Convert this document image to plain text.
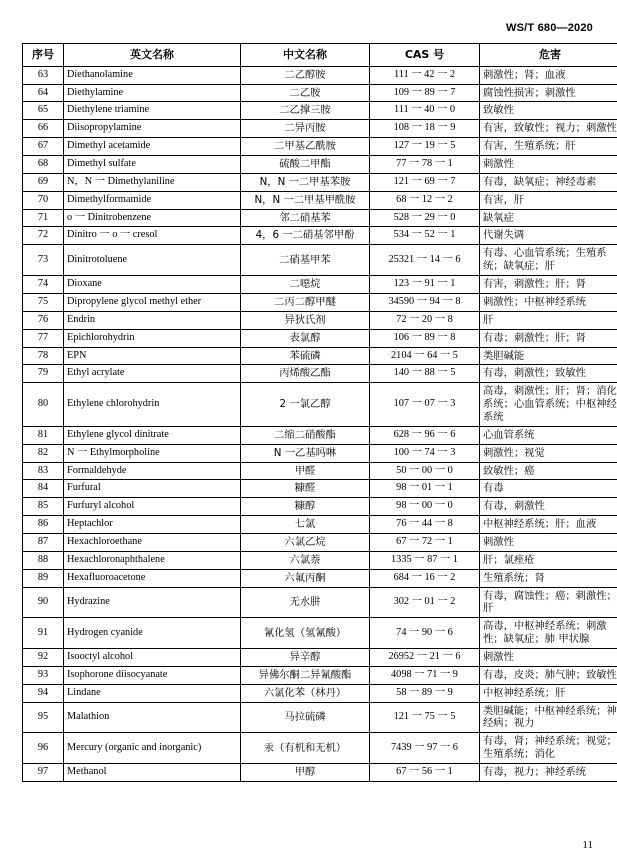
WS/T 680—2020
序号	英文名称	中文名称	CAS 号	危害
63	Diethanolamine	二乙醇胺	111 一 42 一 2	刺激性；肾；血液
64	Diethylamine	二乙胺	109 一 89 一 7	腐蚀性损害；刺激性
65	Diethylene triamine	二乙撑三胺	111 一 40 一 0	致敏性
66	Diisopropylamine	二异丙胺	108 一 18 一 9	有害，致敏性；视力；刺激性
67	Dimethyl acetamide	二甲基乙酰胺	127 一 19 一 5	有害，生殖系统；肝
68	Dimethyl sulfate	硫酸二甲酯	77 一 78 一 1	刺激性
69	N，N 一 Dimethylaniline	N，N 一二甲基苯胺	121 一 69 一 7	有毒，缺氧症；神经毒素
70	Dimethylformamide	N，N 一二甲基甲酰胺	68 一 12 一 2	有害，肝
71	o 一 Dinitrobenzene	邻二硝基苯	528 一 29 一 0	缺氧症
72	Dinitro 一 o 一 cresol	4，6 一二硝基邻甲酚	534 一 52 一 1	代谢失调
73	Dinitrotoluene	二硝基甲苯	25321 一 14 一 6	有毒、心血管系统；生殖系统；缺氧症；肝
74	Dioxane	二噁烷	123 一 91 一 1	有害，刺激性；肝；肾
75	Dipropylene glycol methyl ether	二丙二醇甲醚	34590 一 94 一 8	刺激性；中枢神经系统
76	Endrin	异狄氏剂	72 一 20 一 8	肝
77	Epichlorohydrin	表氯醇	106 一 89 一 8	有毒；刺激性；肝；肾
78	EPN	苯硫磷	2104 一 64 一 5	类胆碱能
79	Ethyl acrylate	丙烯酸乙酯	140 一 88 一 5	有毒，刺激性；致敏性
80	Ethylene chlorohydrin	2 一氯乙醇	107 一 07 一 3	高毒，刺激性；肝；肾；消化系统；心血管系统；中枢神经系统
81	Ethylene glycol dinitrate	二缩二硝酸酯	628 一 96 一 6	心血管系统
82	N 一 Ethylmorpholine	N 一乙基吗啉	100 一 74 一 3	刺激性；视觉
83	Formaldehyde	甲醛	50 一 00 一 0	致敏性；癌
84	Furfural	糠醛	98 一 01 一 1	有毒
85	Furfuryl alcohol	糠醇	98 一 00 一 0	有毒，刺激性
86	Heptachlor	七氯	76 一 44 一 8	中枢神经系统；肝；血液
87	Hexachloroethane	六氯乙烷	67 一 72 一 1	刺激性
88	Hexachloronaphthalene	六氯萘	1335 一 87 一 1	肝；氯痤疮
89	Hexafluoroacetone	六氟丙酮	684 一 16 一 2	生殖系统；肾
90	Hydrazine	无水肼	302 一 01 一 2	有毒，腐蚀性；癌；刺激性；肝
91	Hydrogen cyanide	氰化氢（氢氰酸）	74 一 90 一 6	高毒，中枢神经系统；刺激性；缺氧症；肺 甲状腺
92	Isooctyl alcohol	异辛醇	26952 一 21 一 6	刺激性
93	Isophorone diisocyanate	异佛尔酮二异氰酸酯	4098 一 71 一 9	有毒，皮炎；肺气肿；致敏性
94	Lindane	六氯化苯（林丹）	58 一 89 一 9	中枢神经系统；肝
95	Malathion	马拉硫磷	121 一 75 一 5	类胆碱能；中枢神经系统；神经病；视力
96	Mercury (organic and inorganic)	汞（有机和无机）	7439 一 97 一 6	有毒，肾；神经系统；视觉；生殖系统；消化
97	Methanol	甲醇	67 一 56 一 1	有毒，视力；神经系统
11
